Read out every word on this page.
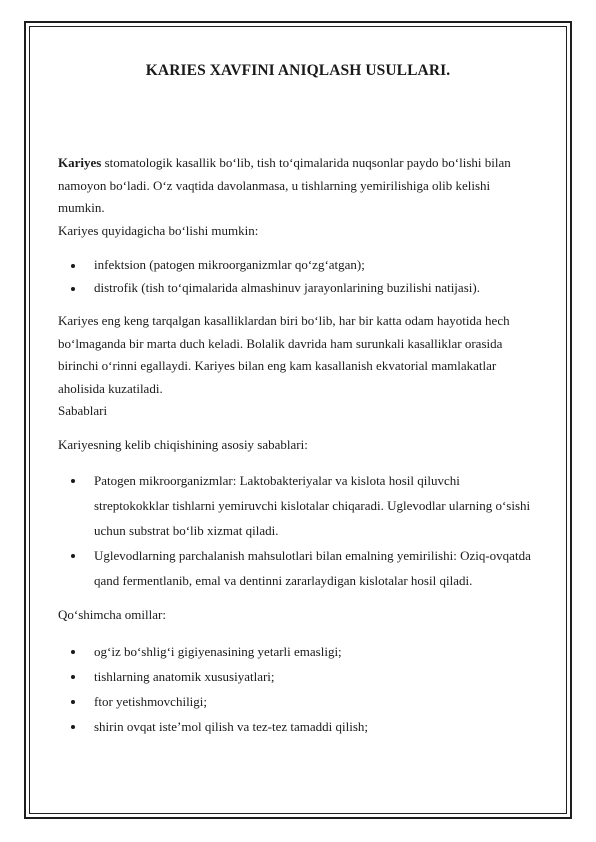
KARIES XAVFINI ANIQLASH USULLARI.

Kariyes stomatologik kasallik bo‘lib, tish to‘qimalarida nuqsonlar paydo bo‘lishi bilan namoyon bo‘ladi. O‘z vaqtida davolanmasa, u tishlarning yemirilishiga olib kelishi mumkin.

Kariyes quyidagicha bo‘lishi mumkin:

infektsion (patogen mikroorganizmlar qo‘zg‘atgan);
distrofik (tish to‘qimalarida almashinuv jarayonlarining buzilishi natijasi).

Kariyes eng keng tarqalgan kasalliklardan biri bo‘lib, har bir katta odam hayotida hech bo‘lmaganda bir marta duch keladi. Bolalik davrida ham surunkali kasalliklar orasida birinchi o‘rinni egallaydi. Kariyes bilan eng kam kasallanish ekvatorial mamlakatlar aholisida kuzatiladi.

Sabablari

Kariyesning kelib chiqishining asosiy sabablari:

Patogen mikroorganizmlar: Laktobakteriyalar va kislota hosil qiluvchi streptokokklar tishlarni yemiruvchi kislotalar chiqaradi. Uglevodlar ularning o‘sishi uchun substrat bo‘lib xizmat qiladi.
Uglevodlarning parchalanish mahsulotlari bilan emalning yemirilishi: Oziq-ovqatda qand fermentlanib, emal va dentinni zararlaydigan kislotalar hosil qiladi.

Qo‘shimcha omillar:

og‘iz bo‘shlig‘i gigiyenasining yetarli emasligi;
tishlarning anatomik xususiyatlari;
ftor yetishmovchiligi;
shirin ovqat iste’mol qilish va tez-tez tamaddi qilish;
